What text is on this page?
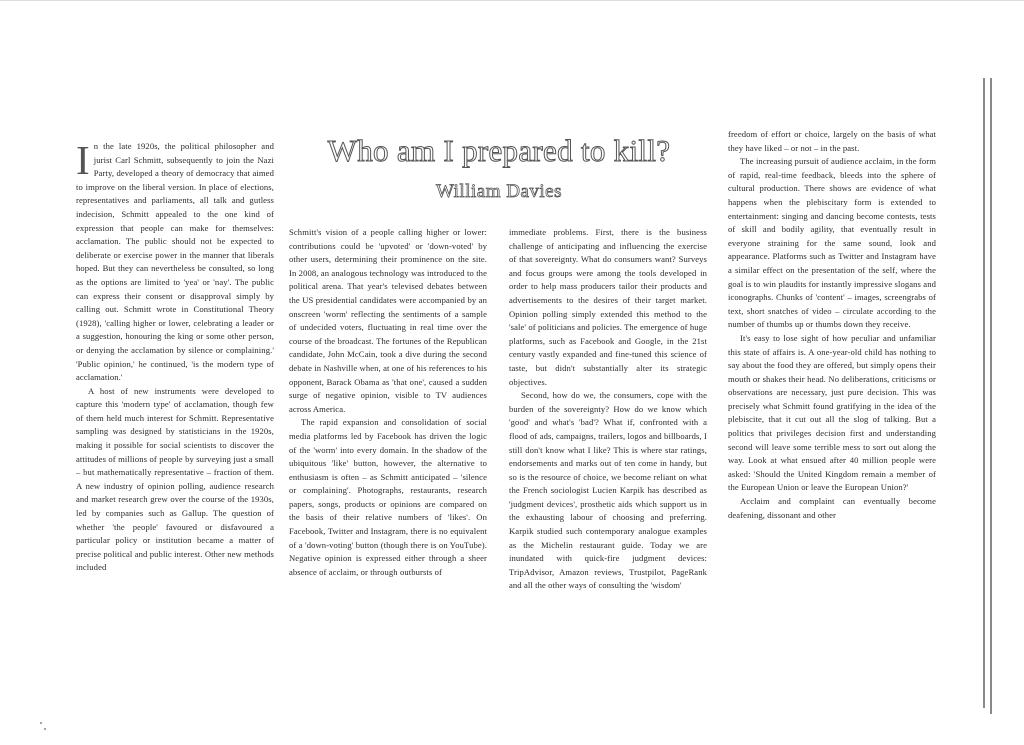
Who am I prepared to kill?
William Davies

In the late 1920s, the political philosopher and jurist Carl Schmitt, subsequently to join the Nazi Party, developed a theory of democracy that aimed to improve on the liberal version. In place of elections, representatives and parliaments, all talk and gutless indecision, Schmitt appealed to the one kind of expression that people can make for themselves: acclamation. The public should not be expected to deliberate or exercise power in the manner that liberals hoped. But they can nevertheless be consulted, so long as the options are limited to 'yea' or 'nay'. The public can express their consent or disapproval simply by calling out. Schmitt wrote in Constitutional Theory (1928), 'calling higher or lower, celebrating a leader or a suggestion, honouring the king or some other person, or denying the acclamation by silence or complaining.' 'Public opinion,' he continued, 'is the modern type of acclamation.'

A host of new instruments were developed to capture this 'modern type' of acclamation, though few of them held much interest for Schmitt. Representative sampling was designed by statisticians in the 1920s, making it possible for social scientists to discover the attitudes of millions of people by surveying just a small – but mathematically representative – fraction of them. A new industry of opinion polling, audience research and market research grew over the course of the 1930s, led by companies such as Gallup. The question of whether 'the people' favoured or disfavoured a particular policy or institution became a matter of precise political and public interest. Other new methods included

Schmitt's vision of a people calling higher or lower: contributions could be 'upvoted' or 'down-voted' by other users, determining their prominence on the site. In 2008, an analogous technology was introduced to the political arena. That year's televised debates between the US presidential candidates were accompanied by an onscreen 'worm' reflecting the sentiments of a sample of undecided voters, fluctuating in real time over the course of the broadcast. The fortunes of the Republican candidate, John McCain, took a dive during the second debate in Nashville when, at one of his references to his opponent, Barack Obama as 'that one', caused a sudden surge of negative opinion, visible to TV audiences across America.

The rapid expansion and consolidation of social media platforms led by Facebook has driven the logic of the 'worm' into every domain. In the shadow of the ubiquitous 'like' button, however, the alternative to enthusiasm is often – as Schmitt anticipated – 'silence or complaining'. Photographs, restaurants, research papers, songs, products or opinions are compared on the basis of their relative numbers of 'likes'. On Facebook, Twitter and Instagram, there is no equivalent of a 'down-voting' button (though there is on YouTube). Negative opinion is expressed either through a sheer absence of acclaim, or through outbursts of

immediate problems. First, there is the business challenge of anticipating and influencing the exercise of that sovereignty. What do consumers want? Surveys and focus groups were among the tools developed in order to help mass producers tailor their products and advertisements to the desires of their target market. Opinion polling simply extended this method to the 'sale' of politicians and policies. The emergence of huge platforms, such as Facebook and Google, in the 21st century vastly expanded and fine-tuned this science of taste, but didn't substantially alter its strategic objectives.

Second, how do we, the consumers, cope with the burden of the sovereignty? How do we know which 'good' and what's 'bad'? What if, confronted with a flood of ads, campaigns, trailers, logos and billboards, I still don't know what I like? This is where star ratings, endorsements and marks out of ten come in handy, but so is the resource of choice, we become reliant on what the French sociologist Lucien Karpik has described as 'judgment devices', prosthetic aids which support us in the exhausting labour of choosing and preferring. Karpik studied such contemporary analogue examples as the Michelin restaurant guide. Today we are inundated with quick-fire judgment devices: TripAdvisor, Amazon reviews, Trustpilot, PageRank and all the other ways of consulting the 'wisdom'

freedom of effort or choice, largely on the basis of what they have liked – or not – in the past.

The increasing pursuit of audience acclaim, in the form of rapid, real-time feedback, bleeds into the sphere of cultural production. There shows are evidence of what happens when the plebiscitary form is extended to entertainment: singing and dancing become contests, tests of skill and bodily agility, that eventually result in everyone straining for the same sound, look and appearance. Platforms such as Twitter and Instagram have a similar effect on the presentation of the self, where the goal is to win plaudits for instantly impressive slogans and iconographs. Chunks of 'content' – images, screengrabs of text, short snatches of video – circulate according to the number of thumbs up or thumbs down they receive.

It's easy to lose sight of how peculiar and unfamiliar this state of affairs is. A one-year-old child has nothing to say about the food they are offered, but simply opens their mouth or shakes their head. No deliberations, criticisms or observations are necessary, just pure decision. This was precisely what Schmitt found gratifying in the idea of the plebiscite, that it cut out all the slog of talking. But a politics that privileges decision first and understanding second will leave some terrible mess to sort out along the way. Look at what ensued after 40 million people were asked: 'Should the United Kingdom remain a member of the European Union or leave the European Union?'

Acclaim and complaint can eventually become deafening, dissonant and other
